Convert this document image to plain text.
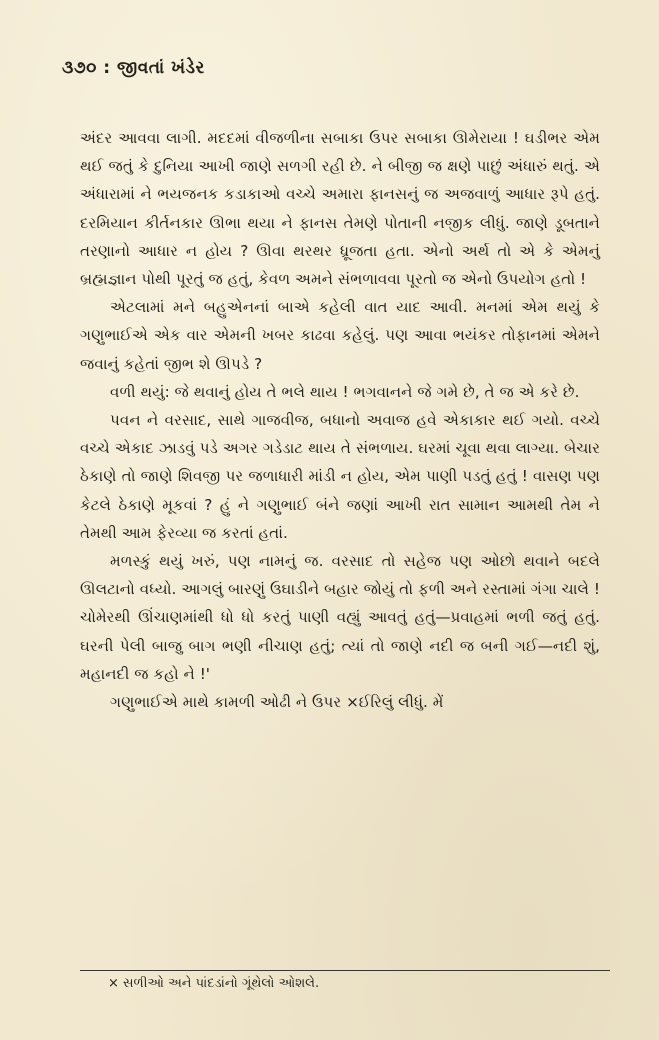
૩૭૦ : જીવતાં ખંડેર

અંદર આવવા લાગી. મદદમાં વીજળીના સબાકા ઉપર સબાકા ઊમેરાયા ! ઘડીભર એમ થઈ જતું કે દુનિયા આખી જાણે સળગી રહી છે. ને બીજી જ ક્ષણે પાછું અંધારું થતું. એ અંધારામાં ને ભયજનક કડાકાઓ વચ્ચે અમારા ફાનસનું જ અજવાળું આધાર રૂપે હતું. દરમિયાન કીર્તનકાર ઊભા થયા ને ફાનસ તેમણે પોતાની નજીક લીધું. જાણે ડૂબતાને તરણાનો આધાર ન હોય ? ઊવા થરથર ધ્રૂજતા હતા. એનો અર્થ તો એ કે એમનું બ્રહ્મજ્ઞાન પોથી પૂરતું જ હતું, કેવળ અમને સંભળાવવા પૂરતો જ એનો ઉપયોગ હતો !

એટલામાં મને બહુએનનાં બાએ કહેલી વાત યાદ આવી. મનમાં એમ થયું કે ગણુભાઈએ એક વાર એમની ખબર કાઢવા કહેલું. પણ આવા ભયંકર તોફાનમાં એમને જવાનું કહેતાં જીભ શે ઊપડે ?

વળી થયું: જે થવાનું હોય તે ભલે થાય ! ભગવાનને જે ગમે છે, તે જ એ કરે છે.

પવન ને વરસાદ, સાથે ગાજવીજ, બધાનો અવાજ હવે એકાકાર થઈ ગયો. વચ્ચે વચ્ચે એકાદ ઝાડવું પડે અગર ગડેડાટ થાય તે સંભળાય. ઘરમાં ચૂવા થવા લાગ્યા. બેચાર ઠેકાણે તો જાણે શિવજી પર જળાધારી માંડી ન હોય, એમ પાણી પડતું હતું ! વાસણ પણ કેટલે ઠેકાણે મૂકવાં ? હું ને ગણુભાઈ બંને જણાં આખી રાત સામાન આમથી તેમ ને તેમથી આમ ફેરવ્યા જ કરતાં હતાં.

મળસ્કું થયું ખરું, પણ નામનું જ. વરસાદ તો સહેજ પણ ઓછો થવાને બદલે ઊલટાનો વધ્યો. આગલું બારણું ઉઘાડીને બહાર જોયું તો ફળી અને રસ્તામાં ગંગા ચાલે ! ચોમેરથી ઊંચાણમાંથી ધો ધો કરતું પાણી વહ્યું આવતું હતું—પ્રવાહમાં ભળી જતું હતું. ઘરની પેલી બાજુ બાગ ભણી નીચાણ હતું; ત્યાં તો જાણે નદી જ બની ગઈ—નદી શું, મહાનદી જ કહો ને !'

ગણુભાઈએ માથે કામળી ઓઢી ને ઉપર ×ઈરિલું લીધું. મેં

× સળીઓ અને પાંદડાંનો ગૂંથેલો ઓશલે.
